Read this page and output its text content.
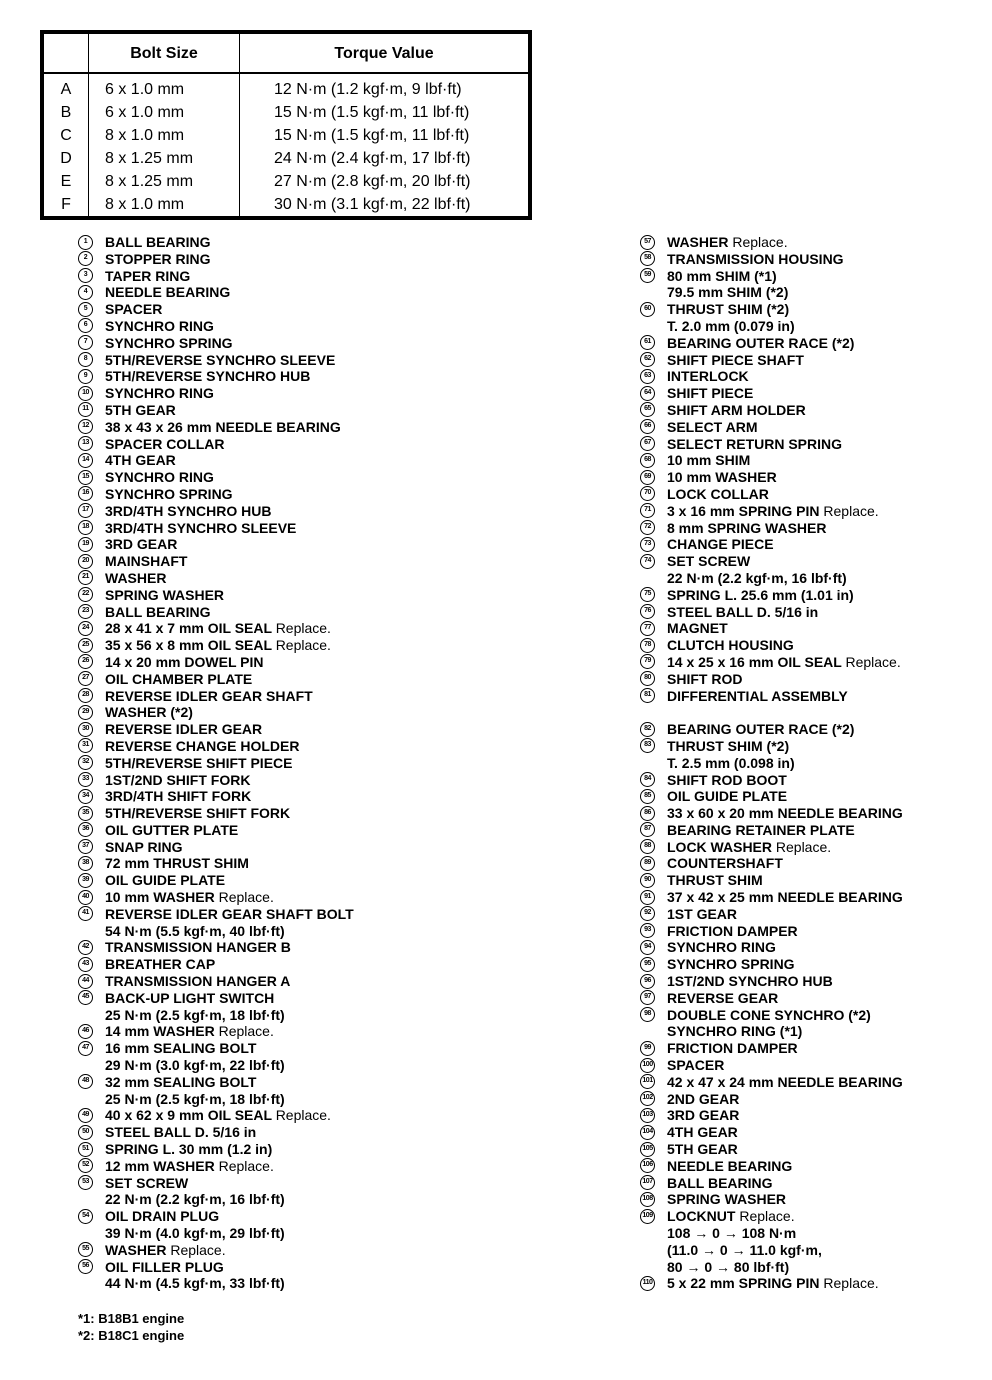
	Bolt Size	Torque Value
A	6 x 1.0 mm	12 N·m (1.2 kgf·m, 9 lbf·ft)
B	6 x 1.0 mm	15 N·m (1.5 kgf·m, 11 lbf·ft)
C	8 x 1.0 mm	15 N·m (1.5 kgf·m, 11 lbf·ft)
D	8 x 1.25 mm	24 N·m (2.4 kgf·m, 17 lbf·ft)
E	8 x 1.25 mm	27 N·m (2.8 kgf·m, 20 lbf·ft)
F	8 x 1.0 mm	30 N·m (3.1 kgf·m, 22 lbf·ft)
1	BALL BEARING
2	STOPPER RING
3	TAPER RING
4	NEEDLE BEARING
5	SPACER
6	SYNCHRO RING
7	SYNCHRO SPRING
8	5TH/REVERSE SYNCHRO SLEEVE
9	5TH/REVERSE SYNCHRO HUB
10 SYNCHRO RING
11	5TH GEAR
12 38 x 43 x 26 mm NEEDLE BEARING
13 SPACER COLLAR
14 4TH GEAR
15 SYNCHRO RING
16 SYNCHRO SPRING
17 3RD/4TH SYNCHRO HUB
18 3RD/4TH SYNCHRO SLEEVE
19 3RD GEAR
20 MAINSHAFT
21 WASHER
22 SPRING WASHER
23 BALL BEARING
24 28 x 41 x 7 mm OIL SEAL Replace.
25 35 x 56 x 8 mm OIL SEAL Replace.
26 14 x 20 mm DOWEL PIN
27 OIL CHAMBER PLATE
28 REVERSE IDLER GEAR SHAFT
29 WASHER (*2)
30 REVERSE IDLER GEAR
31 REVERSE CHANGE HOLDER
32 5TH/REVERSE SHIFT PIECE
33 1ST/2ND SHIFT FORK
34 3RD/4TH SHIFT FORK
35 5TH/REVERSE SHIFT FORK
36 OIL GUTTER PLATE
37 SNAP RING
38 72 mm THRUST SHIM
39 OIL GUIDE PLATE
40 10 mm WASHER Replace.
41 REVERSE IDLER GEAR SHAFT BOLT
54 N·m (5.5 kgf·m, 40 lbf·ft)
42 TRANSMISSION HANGER B
43 BREATHER CAP
44 TRANSMISSION HANGER A
45 BACK-UP LIGHT SWITCH
25 N·m (2.5 kgf·m, 18 lbf·ft)
46 14 mm WASHER Replace.
47 16 mm SEALING BOLT
29 N·m (3.0 kgf·m, 22 lbf·ft)
48 32 mm SEALING BOLT
25 N·m (2.5 kgf·m, 18 lbf·ft)
49 40 x 62 x 9 mm OIL SEAL Replace.
50 STEEL BALL D. 5/16 in
51 SPRING L. 30 mm (1.2 in)
52 12 mm WASHER Replace.
53 SET SCREW
22 N·m (2.2 kgf·m, 16 lbf·ft)
54 OIL DRAIN PLUG
39 N·m (4.0 kgf·m, 29 lbf·ft)
55 WASHER Replace.
56 OIL FILLER PLUG
44 N·m (4.5 kgf·m, 33 lbf·ft)
57 WASHER Replace.
58 TRANSMISSION HOUSING
59 80 mm SHIM (*1)
79.5 mm SHIM (*2)
60 THRUST SHIM (*2)
T. 2.0 mm (0.079 in)
61 BEARING OUTER RACE (*2)
62 SHIFT PIECE SHAFT
63 INTERLOCK
64 SHIFT PIECE
65 SHIFT ARM HOLDER
66 SELECT ARM
67 SELECT RETURN SPRING
68 10 mm SHIM
69 10 mm WASHER
70 LOCK COLLAR
71 3 x 16 mm SPRING PIN Replace.
72 8 mm SPRING WASHER
73 CHANGE PIECE
74 SET SCREW
22 N·m (2.2 kgf·m, 16 lbf·ft)
75 SPRING L. 25.6 mm (1.01 in)
76 STEEL BALL D. 5/16 in
77 MAGNET
78 CLUTCH HOUSING
79 14 x 25 x 16 mm OIL SEAL Replace.
80 SHIFT ROD
81 DIFFERENTIAL ASSEMBLY
82 BEARING OUTER RACE (*2)
83 THRUST SHIM (*2)
T. 2.5 mm (0.098 in)
84 SHIFT ROD BOOT
85 OIL GUIDE PLATE
86 33 x 60 x 20 mm NEEDLE BEARING
87 BEARING RETAINER PLATE
88 LOCK WASHER Replace.
89 COUNTERSHAFT
90 THRUST SHIM
91 37 x 42 x 25 mm NEEDLE BEARING
92 1ST GEAR
93 FRICTION DAMPER
94 SYNCHRO RING
95 SYNCHRO SPRING
96 1ST/2ND SYNCHRO HUB
97 REVERSE GEAR
98 DOUBLE CONE SYNCHRO (*2)
SYNCHRO RING (*1)
99 FRICTION DAMPER
100 SPACER
101 42 x 47 x 24 mm NEEDLE BEARING
102 2ND GEAR
103 3RD GEAR
104 4TH GEAR
105 5TH GEAR
106 NEEDLE BEARING
107 BALL BEARING
108 SPRING WASHER
109 LOCKNUT Replace.
108 → 0 → 108 N·m
(11.0 → 0 → 11.0 kgf·m,
80 → 0 → 80 lbf·ft)
110 5 x 22 mm SPRING PIN Replace.
*1: B18B1 engine
*2: B18C1 engine
